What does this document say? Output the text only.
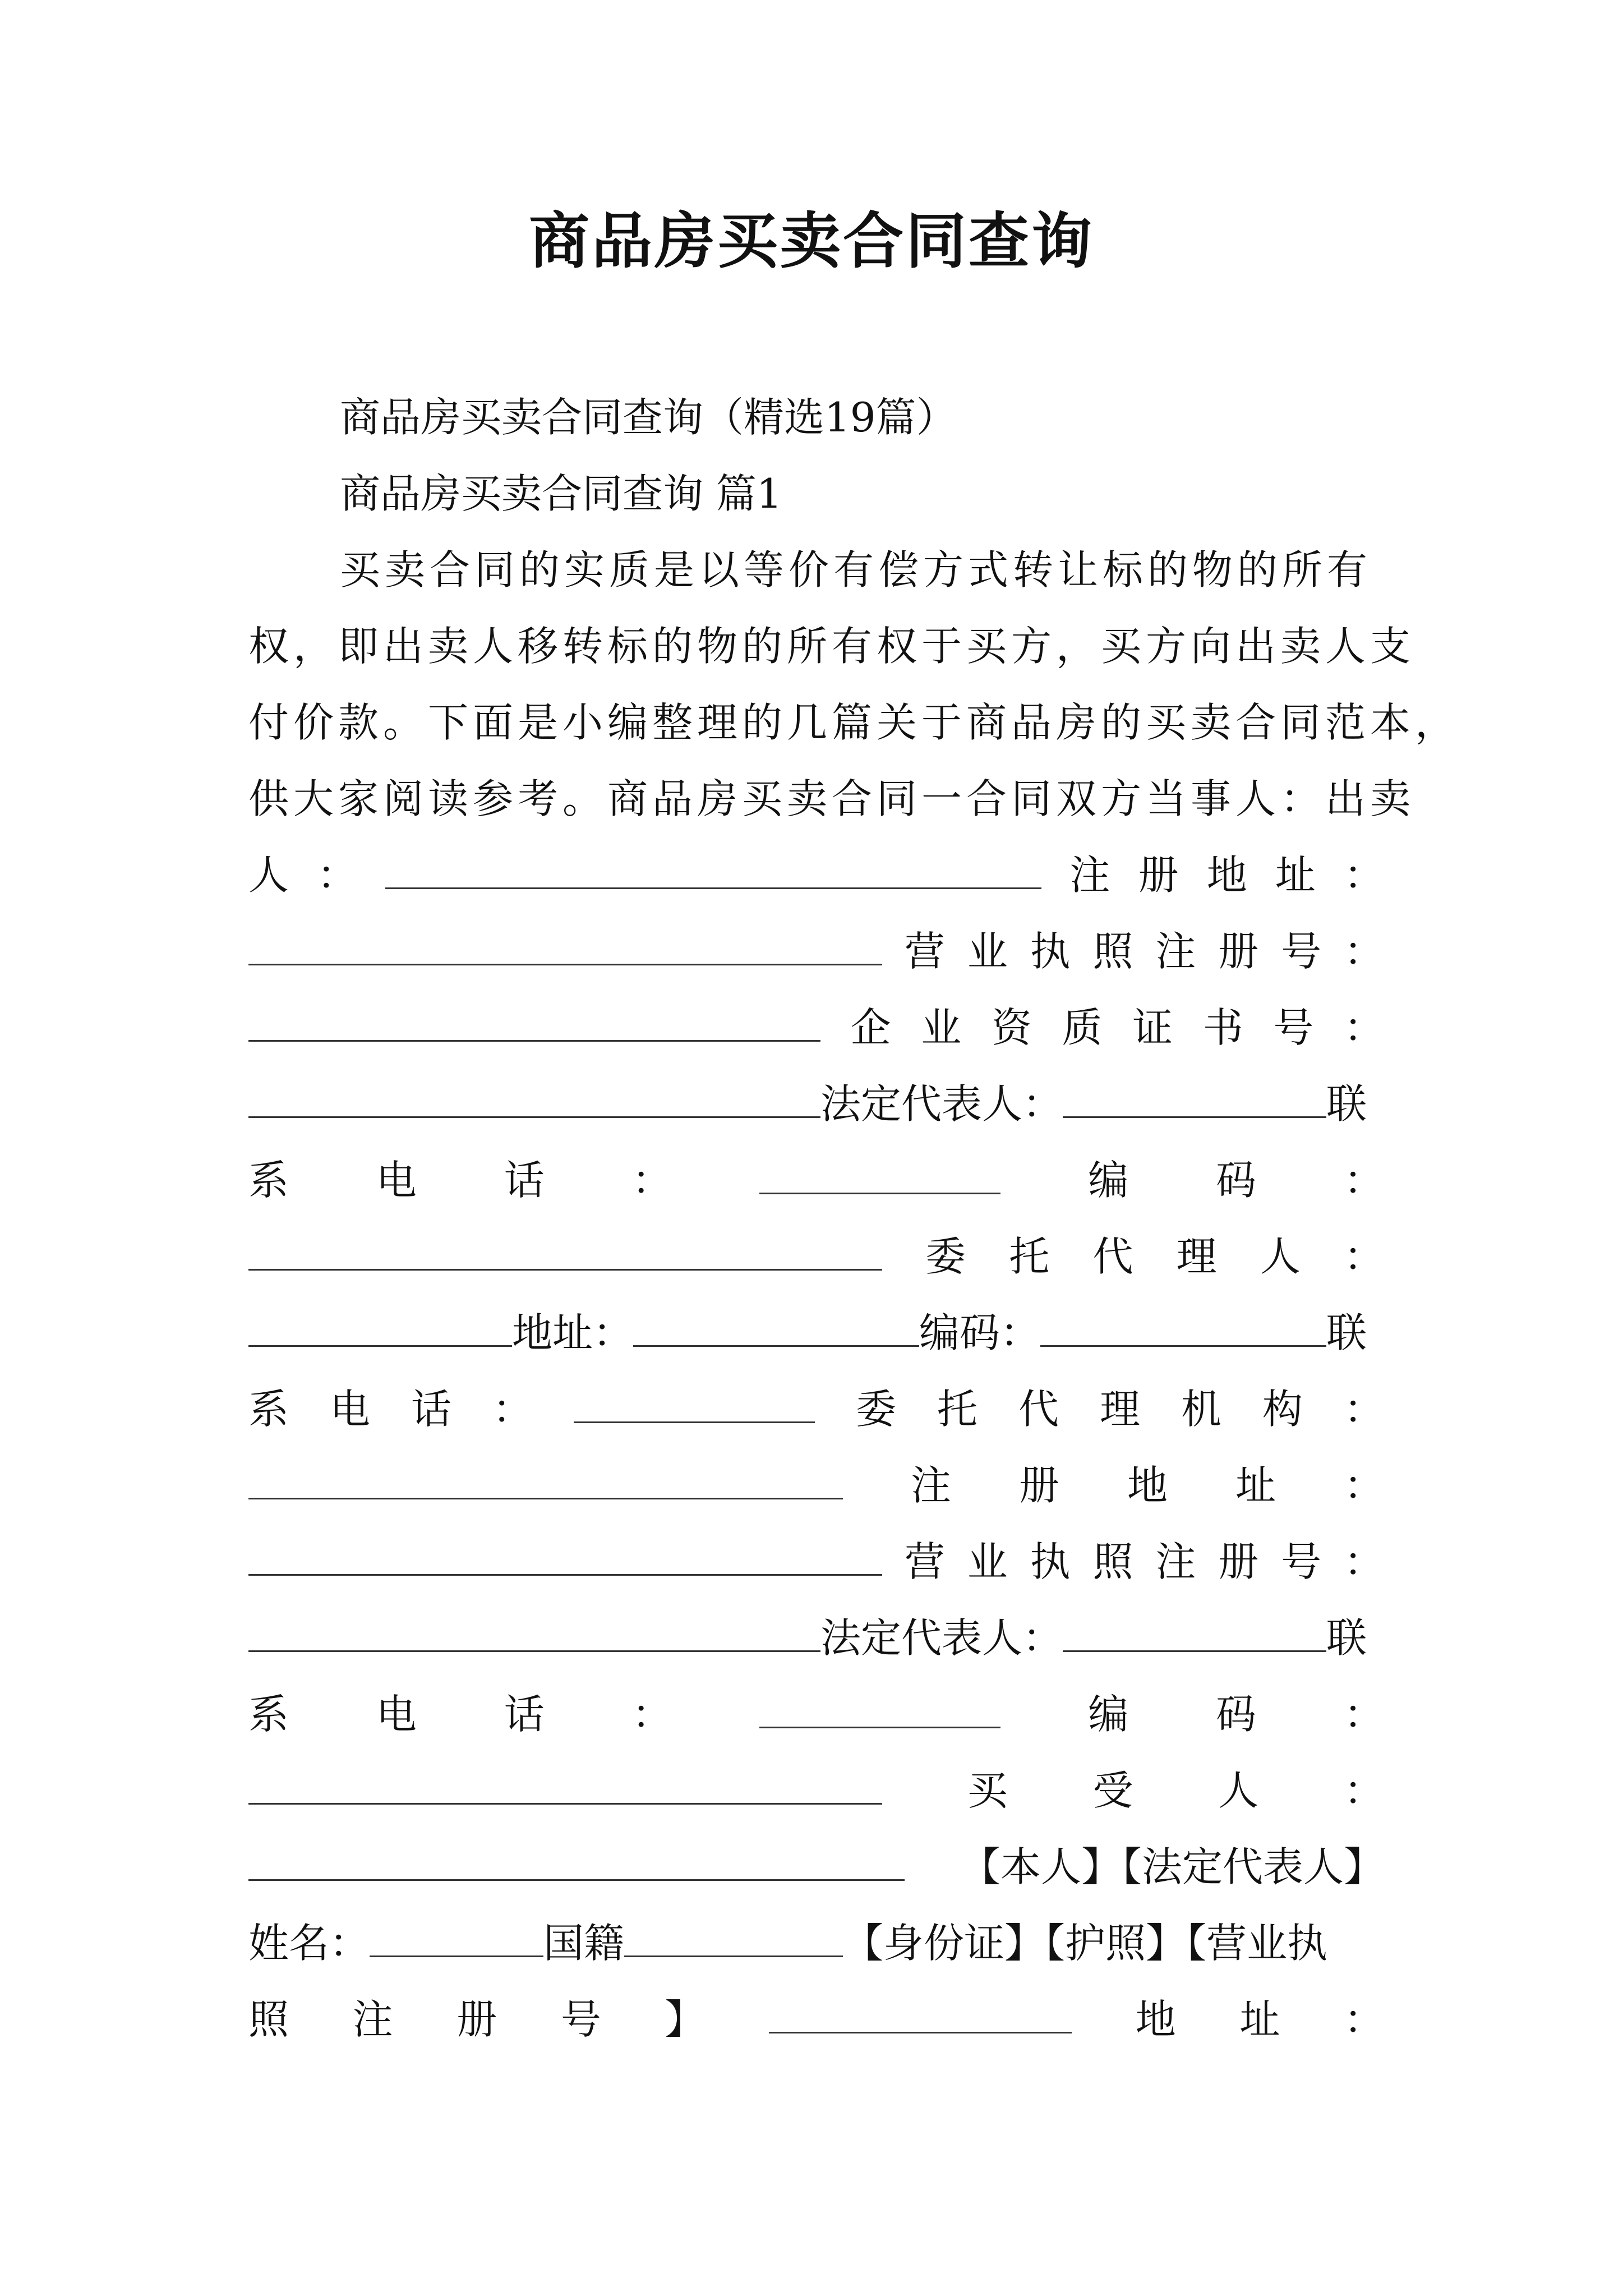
商品房买卖合同查询
商品房买卖合同查询（精选19篇）
商品房买卖合同查询 篇1
买卖合同的实质是以等价有偿方式转让标的物的所有
权，即出卖人移转标的物的所有权于买方，买方向出卖人支
付价款。下面是小编整理的几篇关于商品房的买卖合同范本，
供大家阅读参考。商品房买卖合同一合同双方当事人：出卖
人 ：	注 册 地 址 ：
营 业 执 照 注 册 号 ：
企 业 资 质 证 书 号 ：
法定代表人：	联
系 电 话 ：	编 码 ：
委 托 代 理 人 ：
地址：	编码：	联
系 电 话 ：	委 托 代 理 机 构 ：
注 册 地 址 ：
营 业 执 照 注 册 号 ：
法定代表人：	联
系 电 话 ：	编 码 ：
买 受 人 ：
【本人】【法定代表人】
姓名：	国籍	【身份证】【护照】【营业执
照 注 册 号 】	地 址 ：
